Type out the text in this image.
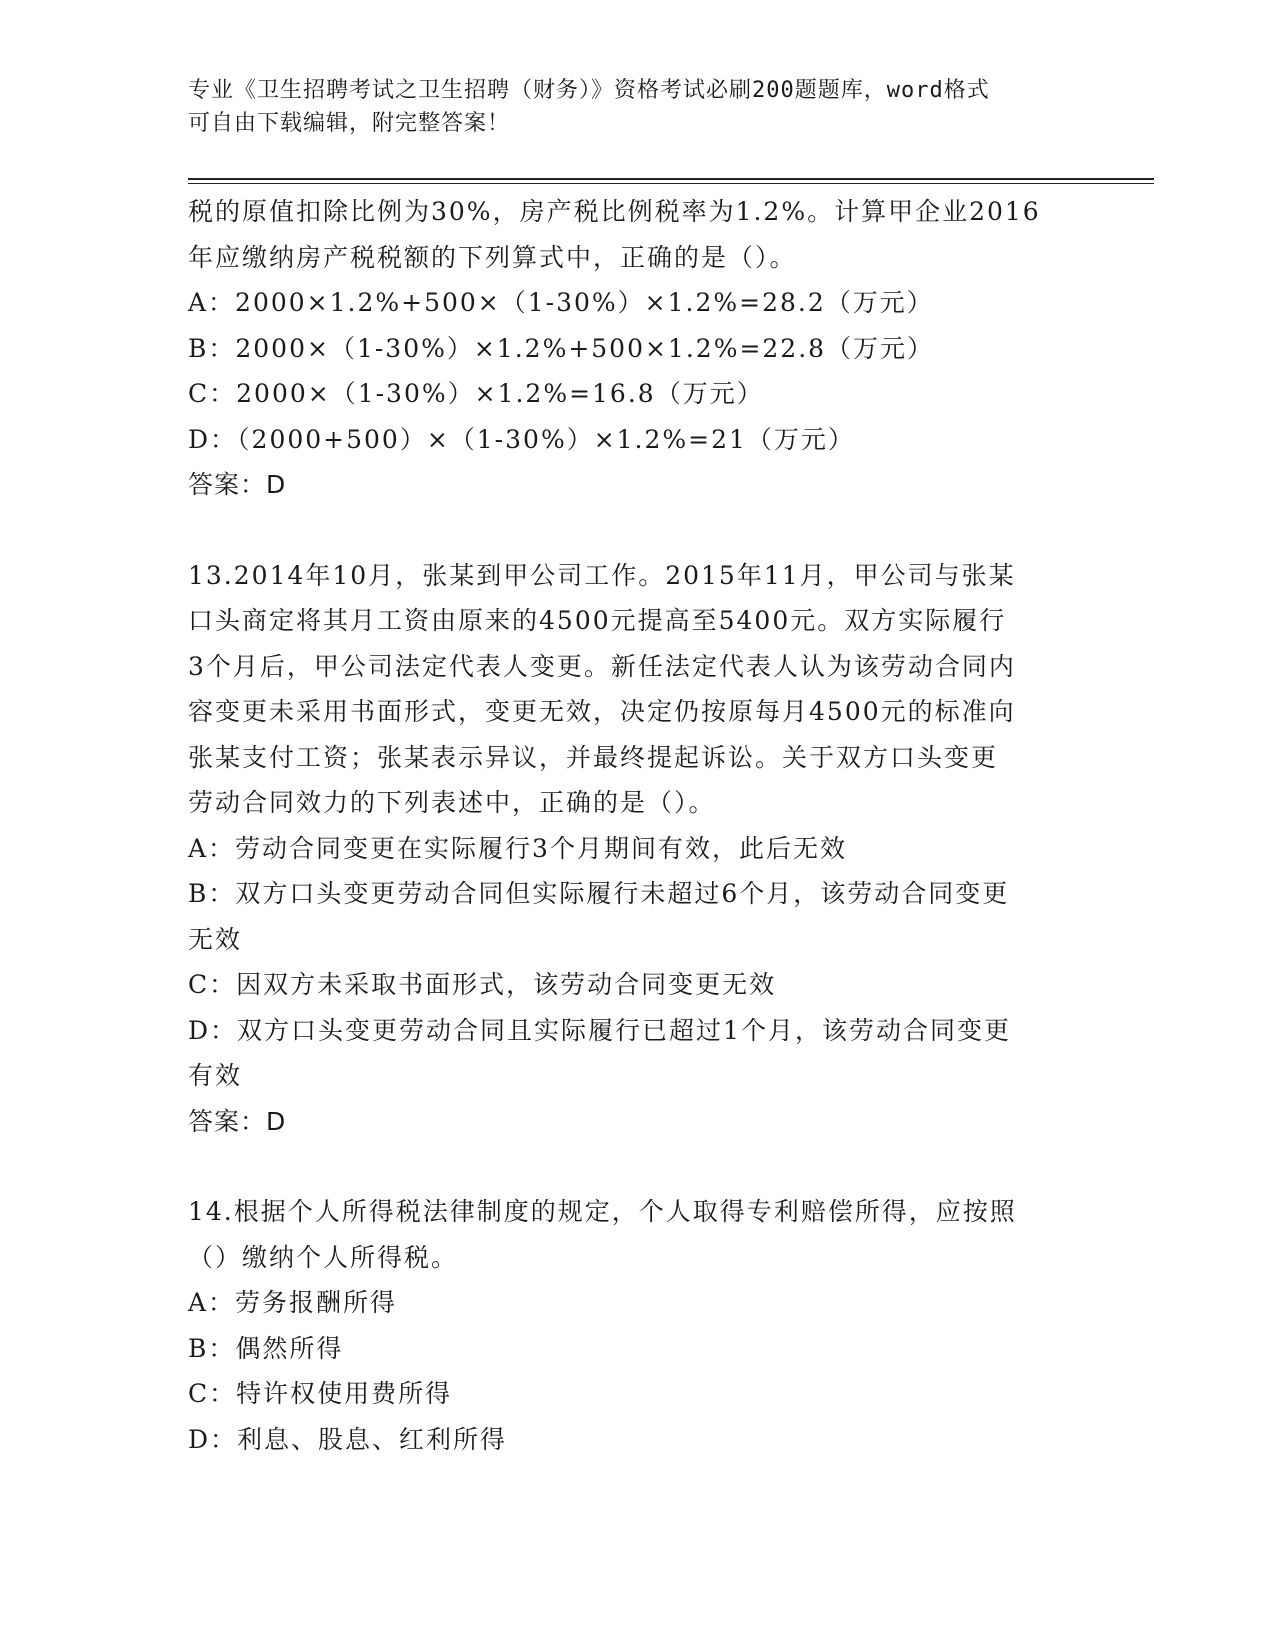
专业《卫生招聘考试之卫生招聘（财务）》资格考试必刷200题题库，word格式
可自由下载编辑，附完整答案！
税的原值扣除比例为30%，房产税比例税率为1.2%。计算甲企业2016
年应缴纳房产税税额的下列算式中，正确的是（）。
A：2000×1.2%+500×（1-30%）×1.2%=28.2（万元）
B：2000×（1-30%）×1.2%+500×1.2%=22.8（万元）
C：2000×（1-30%）×1.2%=16.8（万元）
D：（2000+500）×（1-30%）×1.2%=21（万元）
答案：D
13.2014年10月，张某到甲公司工作。2015年11月，甲公司与张某
口头商定将其月工资由原来的4500元提高至5400元。双方实际履行
3个月后，甲公司法定代表人变更。新任法定代表人认为该劳动合同内
容变更未采用书面形式，变更无效，决定仍按原每月4500元的标准向
张某支付工资；张某表示异议，并最终提起诉讼。关于双方口头变更
劳动合同效力的下列表述中，正确的是（）。
A：劳动合同变更在实际履行3个月期间有效，此后无效
B：双方口头变更劳动合同但实际履行未超过6个月，该劳动合同变更
无效
C：因双方未采取书面形式，该劳动合同变更无效
D：双方口头变更劳动合同且实际履行已超过1个月，该劳动合同变更
有效
答案：D
14.根据个人所得税法律制度的规定，个人取得专利赔偿所得，应按照
（）缴纳个人所得税。
A：劳务报酬所得
B：偶然所得
C：特许权使用费所得
D：利息、股息、红利所得
